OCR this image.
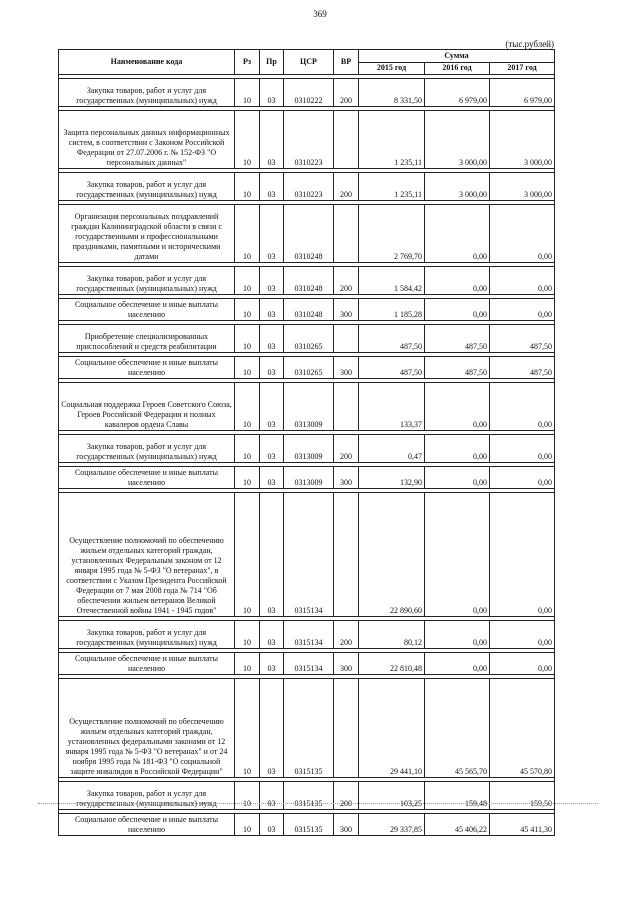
369
(тыс.рублей)
Наименование кода	Рз	Пр	ЦСР	ВР	Сумма		
					2015 год	2016 год	2017 год

Закупка товаров, работ и услуг для государственных (муниципальных) нужд	10	03	0310222	200	8 331,50	6 979,00	6 979,00

Защита персональных данных информационных систем, в соответствии с Законом Российской Федерации от 27.07.2006 г. № 152-ФЗ "О персональных данных"	10	03	0310223		1 235,11	3 000,00	3 000,00

Закупка товаров, работ и услуг для государственных (муниципальных) нужд	10	03	0310223	200	1 235,11	3 000,00	3 000,00

Организация персональных поздравлений граждан Калининградской области в связи с государственными и профессиональными праздниками, памятными и историческими датами	10	03	0310248		2 769,70	0,00	0,00

Закупка товаров, работ и услуг для государственных (муниципальных) нужд	10	03	0310248	200	1 584,42	0,00	0,00

Социальное обеспечение и иные выплаты населению	10	03	0310248	300	1 185,28	0,00	0,00

Приобретение специализированных приспособлений и средств реабилитации	10	03	0310265		487,50	487,50	487,50

Социальное обеспечение и иные выплаты населению	10	03	0310265	300	487,50	487,50	487,50

Социальная поддержка Героев Советского Союза, Героев Российской Федерации и полных кавалеров ордена Славы	10	03	0313009		133,37	0,00	0,00

Закупка товаров, работ и услуг для государственных (муниципальных) нужд	10	03	0313009	200	0,47	0,00	0,00

Социальное обеспечение и иные выплаты населению	10	03	0313009	300	132,90	0,00	0,00

Осуществление полномочий по обеспечению жильем отдельных категорий граждан, установленных Федеральным законом от 12 января 1995 года № 5-ФЗ "О ветеранах", в соответствии с Указом Президента Российской Федерации от 7 мая 2008 года № 714 "Об обеспечении жильем ветеранов Великой Отечественной войны 1941 - 1945 годов"	10	03	0315134		22 890,60	0,00	0,00

Закупка товаров, работ и услуг для государственных (муниципальных) нужд	10	03	0315134	200	80,12	0,00	0,00

Социальное обеспечение и иные выплаты населению	10	03	0315134	300	22 810,48	0,00	0,00

Осуществление полномочий по обеспечению жильем отдельных категорий граждан, установленных федеральными законами от 12 января 1995 года № 5-ФЗ "О ветеранах" и от 24 ноября 1995 года № 181-ФЗ "О социальной защите инвалидов в Российской Федерации"	10	03	0315135		29 441,10	45 565,70	45 570,80

Закупка товаров, работ и услуг для государственных (муниципальных) нужд	10	03	0315135	200	103,25	159,48	159,50

Социальное обеспечение и иные выплаты населению	10	03	0315135	300	29 337,85	45 406,22	45 411,30
